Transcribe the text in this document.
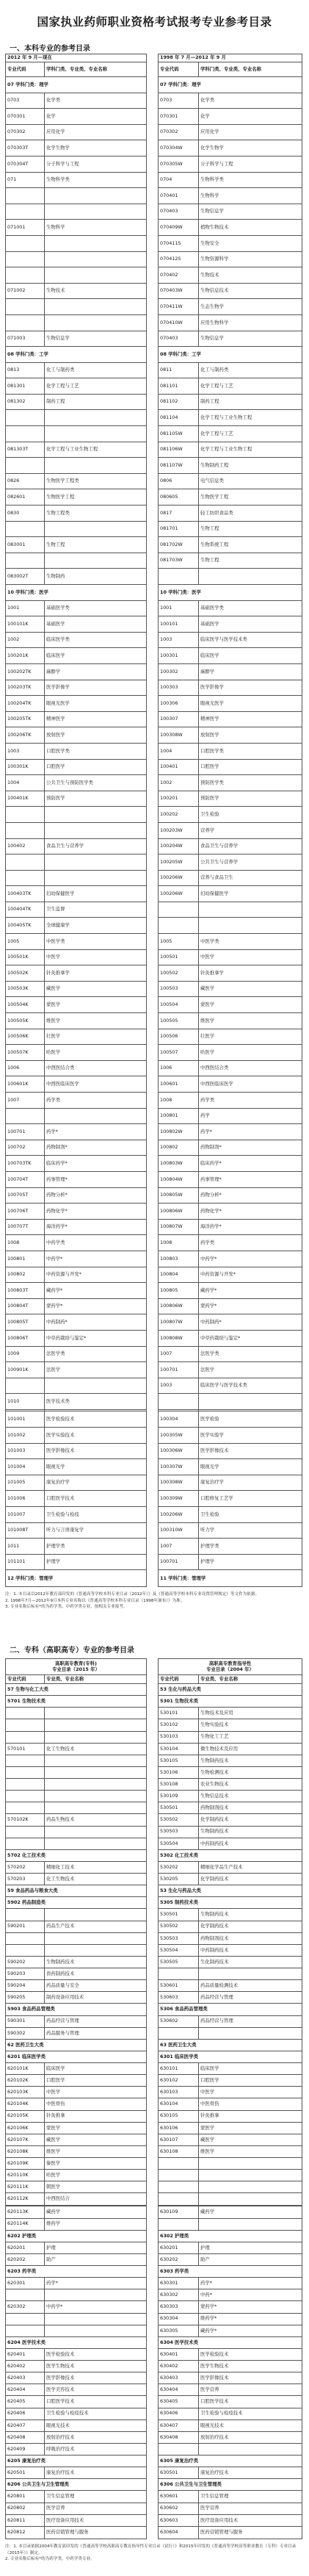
国家执业药师职业资格考试报考专业参考目录
一、本科专业的参考目录
2012 年 9 月—现在			1998 年 7 月—2012 年 9 月	
专业代码	学科门类、专业类、专业名称		专业代码	学科门类、专业类、专业名称
07 学科门类：理学			07 学科门类：理学	
0703	化学类		0703	化学类
070301	化学		070301	化学
070302	应用化学		070302	应用化学
070303T	化学生物学		070304W	化学生物学
070304T	分子科学与工程		070305W	分子科学与工程
071	生物科学类		0704	生物科学类
			070401	生物科学
			070403	生物信息学
071001	生物科学		070409W	植物生物技术
			070411S	生物安全
			070412S	生物资源科学
			070402	生物技术
071002	生物技术		070403W	生物信息技术
			070411W	生态生物学
			070410W	应用生物科学
071003	生物信息学		070403	生物信息学
08 学科门类：工学			08 学科门类：工学	
0813	化工与制药类		0811	化工与制药类
081301	化学工程与工艺		081101	化学工程与工艺
081302	制药工程		081102	制药工程
			081104	化学工程与工业生物工程
			081105W	化学工程与工艺
081303T	化学工程与工业生物工程		081106W	化学工程与工业生物工程
			081107W	生物制药工程
0826	生物医学工程类		0806	电气信息类
082601	生物医学工程		080605	生物医学工程
0830	生物工程类		0817	轻工纺织食品类
			081701	生物工程
083001	生物工程		081702W	生物系统工程
			081703W	生物工程
083002T	生物制药			
10 学科门类：医学			10 学科门类：医学	
1001	基础医学类		1001	基础医学类
100101K	基础医学		100101	基础医学
1002	临床医学类		1003	临床医学与医学技术类
100201K	临床医学		100301	临床医学
100202TK	麻醉学		100302	麻醉学
100203TK	医学影像学		100303	医学影像学
100204TK	眼视光医学		100306	眼视光医学
100205TK	精神医学		100307	精神医学
100206TK	放射医学		100308W	放射医学
1003	口腔医学类		1004	口腔医学类
100301K	口腔医学		100401	口腔医学
1004	公共卫生与预防医学类		1002	预防医学类
100401K	预防医学		100201	预防医学
			100202	卫生检验
			100203W	营养学
100402	食品卫生与营养学		100204W	食品卫生与营养学
			100205W	公共卫生与营养学
			100206W	营养与食品卫生
100403TK	妇幼保健医学		100206W	妇幼保健医学
100404TK	卫生监督			
100405TK	全球健康学			
1005	中医学类		1005	中医学类
100501K	中医学		100501	中医学
100502K	针灸推拿学		100502	针灸推拿学
100503K	藏医学		100503	藏医学
100504K	蒙医学		100504	蒙医学
100505K	维医学		100505	维医学
100506K	壮医学		100506	壮医学
100507K	哈医学		100507	哈医学
1006	中西医结合类		1006	中西医结合类
100601K	中西医临床医学		100601	中西医临床医学
1007	药学类		1008	药学类
			100801	药学
100701	药学*		100802W	药学*
100702	药物制剂*		100802	药物制剂*
100703TK	临床药学*		100803W	临床药学*
100704T	药事管理*		100804W	药事管理*
100705T	药物分析*		100805W	药物分析*
100706T	药物化学*		100806W	药物化学*
100707T	海洋药学*		100807W	海洋药学*
1008	中药学类		1008	药学类
100801	中药学*		100803	中药学*
100802	中药资源与开发*		100804	中药资源与开发*
100803T	藏药学*		100805	藏药学*
100804T	蒙药学*		100806W	蒙药学*
100805T	中药制药*		100807W	中药制药*
100806T	中草药栽培与鉴定*		100808W	中草药栽培与鉴定*
1009	法医学类		1007	法医学类
100901K	法医学		100701	法医学
			1003	临床医学与医学技术类
1010	医学技术类			

101001	医学检验技术		100304	医学检验
101002	医学实验技术		100305W	医学实验学
101003	医学影像技术		100306W	医学影像技术
101004	眼视光学		100307W	眼视光学
101005	康复治疗学		100308W	康复治疗学
101006	口腔医学技术		100309W	口腔修复工艺学
101007	卫生检验与检疫		100206W	卫生检验
101008T	听力与言语康复学		100310W	听力学
1011	护理学类		1007	护理学类
101101	护理学		100701	护理学
12 学科门类：管理学			11 学科门类：管理学	
注：1. 本目录以2012年教育部印发的《普通高等学校本科专业目录（2012年）》及《普通高等学校本科专业设置管理规定》等文件为依据；
2. 1998年7月—2012年9月本科专业名称以《普通高等学校本科专业目录（1998年颁布）》为准。
3. 专业名称后标有*的为药学类、中药学类专业，按相关专业报考。
二、专科（高职高专）专业的参考目录
高职高专教育(专科)
专业目录（2015 年）			高职高专教育指导性
专业目录（2004 年）	
专业代码	专业类、专业名称		专业代码	专业类、专业名称
57 生物与化工大类			53 生化与药品大类	
5701 生物技术类			5301 生物技术类	
			530101	生物技术及应用
			530102	生物实验技术
			530103	生物化工工艺
570101	化工生物技术		530104	微生物技术及应用
			530105	生物制药技术
			530106	生物检测技术
			530108	农业生物技术
			530109	生物信息技术
			530501	药物制剂技术
570102K	药品生物技术		530502	化学制药技术
			530503	生物制药技术
			530504	中药制药技术
5702 化工技术类			5302 化工技术类	
570202	精细化工技术		530202	精细化学品生产技术
570203	化工生物技术		530205	化学制药技术
59 食品药品与粮食大类			53 生化与药品大类	
5902 药品制造类			5305 制药技术类	
			530501	生物制药技术
590201	药品生产技术		530502	化学制药技术
			530503	药物制剂技术
			530504	中药制药技术
590202	生物制药技术		530505	生化制药技术
590203	兽药制药技术			
590204	药品质量与安全		530601	药品质量检测技术
590205	制药设备应用技术		530603	药品经营与管理
5903 食品药品管理类			5306 食品药品管理类	
590301	药品经营与管理		530602	药品经营与管理
590302	药品服务与管理			
62 医药卫生大类			63 医药卫生大类	
6201 临床医学类			6301 临床医学类	
620101K	临床医学		630101	临床医学
620102K	口腔医学		630102	口腔医学
620103K	中医学		630103	中医学
620104K	中医骨伤		630104	中医骨伤
620105K	针灸推拿		630105	针灸推拿
620106K	蒙医学		630106	蒙医学
620107K	藏医学		630107	藏医学
620108K	维医学		630108	维医学
620109K	傣医学			
620110K	哈医学			
620111K	朝医学			
620112K	中西医结合			

620113K	藏药学		630109	藏药学
620114K	维药学			
6202 护理类			6302 护理类	
620201	护理		630201	护理
620202	助产		630202	助产
6203 药学类			6303 药学类	
620301	药学*		630301	药学*
			630302	中药*
620302	中药学*		630303	蒙药学*
			630304	维药学*
			630305	藏药学*
6204 医学技术类			6304 医学技术类	
620401	医学检验技术		630401	医学检验技术
620402	医学生物技术		630402	医学生物技术
620403	医学影像技术		630403	医学影像技术
620404	医学美容技术		630404	医学营养
620405	口腔医学技术		630405	口腔医学技术
620406	卫生检验与检疫技术		630406	卫生检验与检疫技术
620407	眼视光技术		630407	眼视光技术
620408	放射治疗技术		630408	放射治疗技术
620409	呼吸治疗技术			
6205 康复治疗类			6305 康复治疗类	
620501	康复治疗技术		630501	康复治疗技术
6206 公共卫生与卫生管理类			6306 公共卫生与卫生管理类	
620801	卫生信息管理		630601	卫生信息管理
620802	医学营养		630602	医学营养
620811	医疗设备应用技术		630603	医疗设备应用技术
620812	医药营销管理与服务		630604	医药营销管理与服务
注：1. 本目录依据2004年教育部印发的《普通高等学校高职高专教育指导性专业目录（试行）》和2015年印发的《普通高等学校高等职业教育（专科）专业目录（2015年）》制定。
2. 专业名称后标有*的为药学类、中药学类专业。
